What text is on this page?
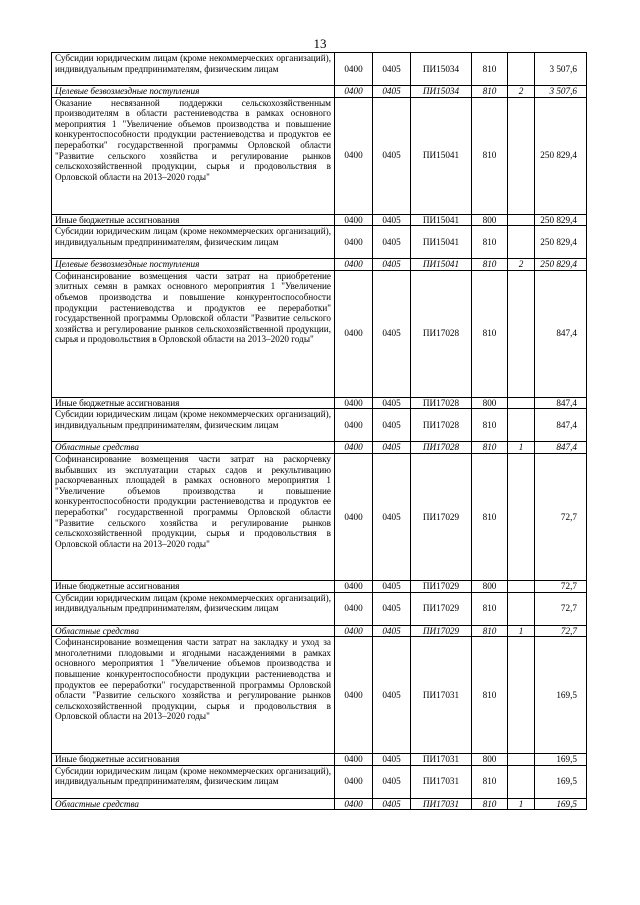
13
Субсидии юридическим лицам (кроме некоммерческих организаций), индивидуальным предпринимателям, физическим лицам	0400	0405	ПИ15034	810		3 507,6
Целевые безвозмездные поступления	0400	0405	ПИ15034	810	2	3 507,6
Оказание несвязанной поддержки сельскохозяйственным производителям в области растениеводства в рамках основного мероприятия 1 "Увеличение объемов производства и повышение конкурентоспособности продукции растениеводства и продуктов ее переработки" государственной программы Орловской области "Развитие сельского хозяйства и регулирование рынков сельскохозяйственной продукции, сырья и продовольствия в Орловской области на 2013–2020 годы"	0400	0405	ПИ15041	810		250 829,4
Иные бюджетные ассигнования	0400	0405	ПИ15041	800		250 829,4
Субсидии юридическим лицам (кроме некоммерческих организаций), индивидуальным предпринимателям, физическим лицам	0400	0405	ПИ15041	810		250 829,4
Целевые безвозмездные поступления	0400	0405	ПИ15041	810	2	250 829,4
Софинансирование возмещения части затрат на приобретение элитных семян в рамках основного мероприятия 1 "Увеличение объемов производства и повышение конкурентоспособности продукции растениеводства и продуктов ее переработки" государственной программы Орловской области "Развитие сельского хозяйства и регулирование рынков сельскохозяйственной продукции, сырья и продовольствия в Орловской области на 2013–2020 годы"	0400	0405	ПИ17028	810		847,4
Иные бюджетные ассигнования	0400	0405	ПИ17028	800		847,4
Субсидии юридическим лицам (кроме некоммерческих организаций), индивидуальным предпринимателям, физическим лицам	0400	0405	ПИ17028	810		847,4
Областные средства	0400	0405	ПИ17028	810	1	847,4
Софинансирование возмещения части затрат на раскорчевку выбывших из эксплуатации старых садов и рекультивацию раскорчеванных площадей в рамках основного мероприятия 1 "Увеличение объемов производства и повышение конкурентоспособности продукции растениеводства и продуктов ее переработки" государственной программы Орловской области "Развитие сельского хозяйства и регулирование рынков сельскохозяйственной продукции, сырья и продовольствия в Орловской области на 2013–2020 годы"	0400	0405	ПИ17029	810		72,7
Иные бюджетные ассигнования	0400	0405	ПИ17029	800		72,7
Субсидии юридическим лицам (кроме некоммерческих организаций), индивидуальным предпринимателям, физическим лицам	0400	0405	ПИ17029	810		72,7
Областные средства	0400	0405	ПИ17029	810	1	72,7
Софинансирование возмещения части затрат на закладку и уход за многолетними плодовыми и ягодными насаждениями в рамках основного мероприятия 1 "Увеличение объемов производства и повышение конкурентоспособности продукции растениеводства и продуктов ее переработки" государственной программы Орловской области "Развитие сельского хозяйства и регулирование рынков сельскохозяйственной продукции, сырья и продовольствия в Орловской области на 2013–2020 годы"	0400	0405	ПИ17031	810		169,5
Иные бюджетные ассигнования	0400	0405	ПИ17031	800		169,5
Субсидии юридическим лицам (кроме некоммерческих организаций), индивидуальным предпринимателям, физическим лицам	0400	0405	ПИ17031	810		169,5
Областные средства	0400	0405	ПИ17031	810	1	169,5
